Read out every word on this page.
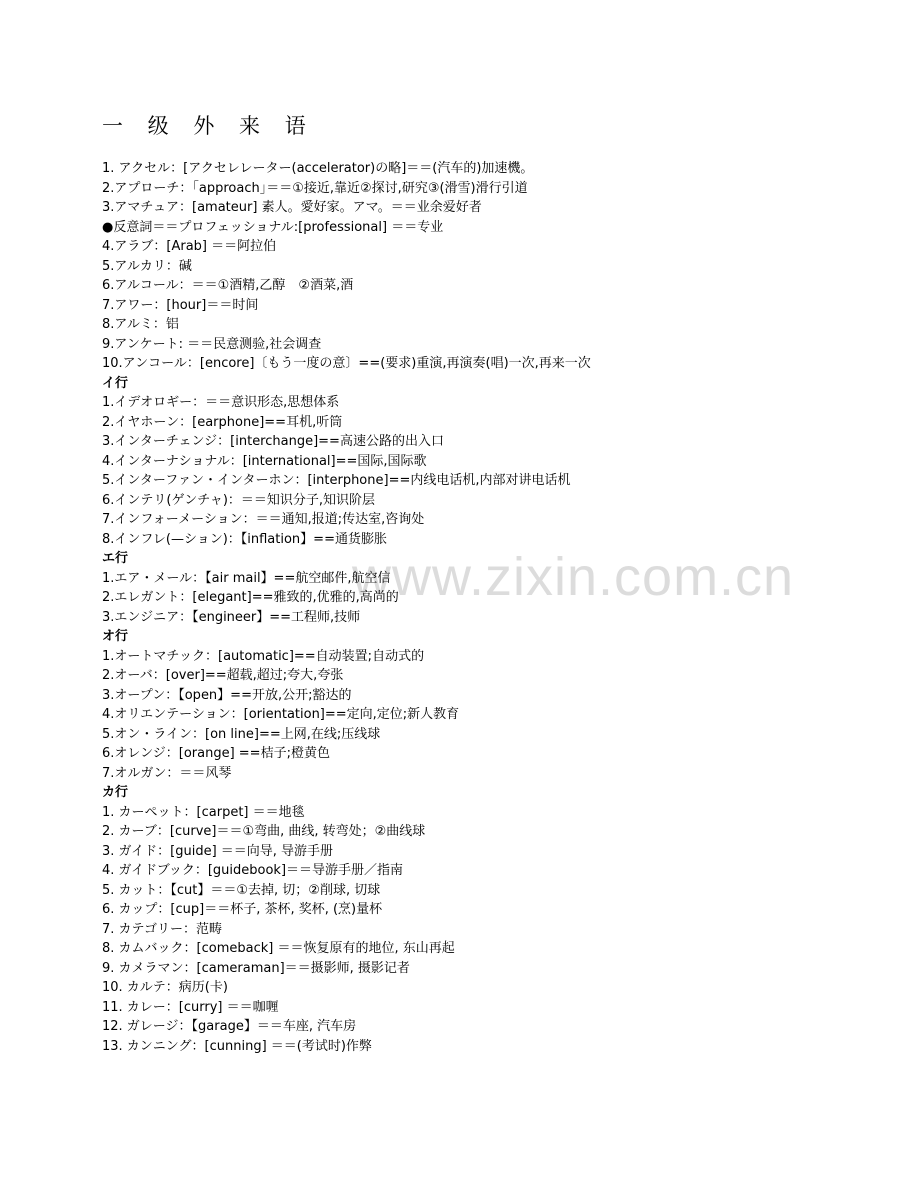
一 级 外 来 语
www.zixin.com.cn
1. アクセル：[アクセレレーター(accelerator)の略]＝＝(汽车的)加速機。
2.アプローチ：｢approach｣＝＝①接近,靠近②探讨,研究③(滑雪)滑行引道
3.アマチュア：[amateur] 素人。愛好家。アマ。＝＝业余爱好者
●反意詞＝＝プロフェッショナル:[professional] ＝＝专业
4.アラブ：[Arab] ＝＝阿拉伯
5.アルカリ：碱
6.アルコール：＝＝①酒精,乙醇　②酒菜,酒
7.アワー：[hour]＝＝时间
8.アルミ：铝
9.アンケート: ＝＝民意测验,社会调查
10.アンコール：[encore]〔もう一度の意〕==(要求)重演,再演奏(唱)一次,再来一次
イ行
1.イデオロギー：＝＝意识形态,思想体系
2.イヤホーン：[earphone]==耳机,听筒
3.インターチェンジ：[interchange]==高速公路的出入口
4.インターナショナル：[international]==国际,国际歌
5.インターファン・インターホン：[interphone]==内线电话机,内部对讲电话机
6.インテリ(ゲンチャ)：＝＝知识分子,知识阶层
7.インフォーメーション：＝＝通知,报道;传达室,咨询处
8.インフレ(—ション)：【inflation】==通货膨胀
エ行
1.エア・メール：【air mail】==航空邮件,航空信
2.エレガント：[elegant]==雅致的,优雅的,高尚的
3.エンジニア：【engineer】==工程师,技师
オ行
1.オートマチック：[automatic]==自动装置;自动式的
2.オーバ：[over]==超载,超过;夸大,夸张
3.オープン：【open】==开放,公开;豁达的
4.オリエンテーション：[orientation]==定向,定位;新人教育
5.オン・ライン：[on line]==上网,在线;压线球
6.オレンジ：[orange] ==桔子;橙黄色
7.オルガン：＝＝风琴
カ行
1. カーペット：[carpet] ＝＝地毯
2. カーブ：[curve]＝＝①弯曲, 曲线, 转弯处；②曲线球
3. ガイド：[guide] ＝＝向导, 导游手册
4. ガイドブック：[guidebook]＝＝导游手册／指南
5. カット：【cut】＝＝①去掉, 切；②削球, 切球
6. カップ：[cup]＝＝杯子, 茶杯, 奖杯, (烹)量杯
7. カテゴリー：范畴
8. カムバック：[comeback] ＝＝恢复原有的地位, 东山再起
9. カメラマン：[cameraman]＝＝摄影师, 摄影记者
10. カルテ：病历(卡)
11. カレー：[curry] ＝＝咖喱
12. ガレージ：【garage】＝＝车座, 汽车房
13. カンニング：[cunning] ＝＝(考试时)作弊
